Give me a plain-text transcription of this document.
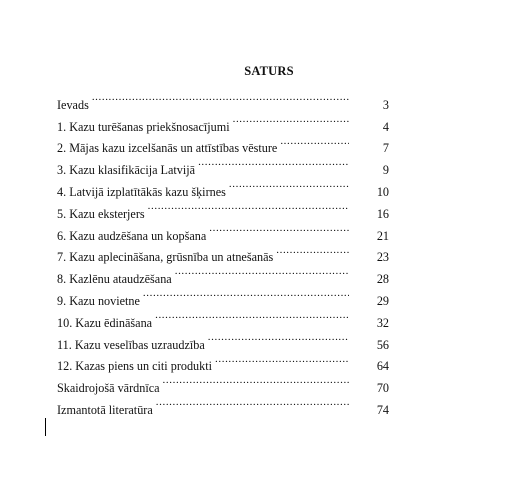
SATURS
Ievads .....	3
1. Kazu turēšanas priekšnosacījumi .....	4
2. Mājas kazu izcelšanās un attīstības vēsture .....	7
3. Kazu klasifikācija Latvijā .....	9
4. Latvijā izplatītākās kazu šķirnes .....	10
5. Kazu eksterjers .....	16
6. Kazu audzēšana un kopšana .....	21
7. Kazu aplecināšana, grūsnība un atnešanās .....	23
8. Kazlēnu ataudzēšana .....	28
9. Kazu novietne .....	29
10. Kazu ēdināšana .....	32
11. Kazu veselības uzraudzība .....	56
12. Kazas piens un citi produkti .....	64
Skaidrojošā vārdnīca .....	70
Izmantotā literatūra .....	74
